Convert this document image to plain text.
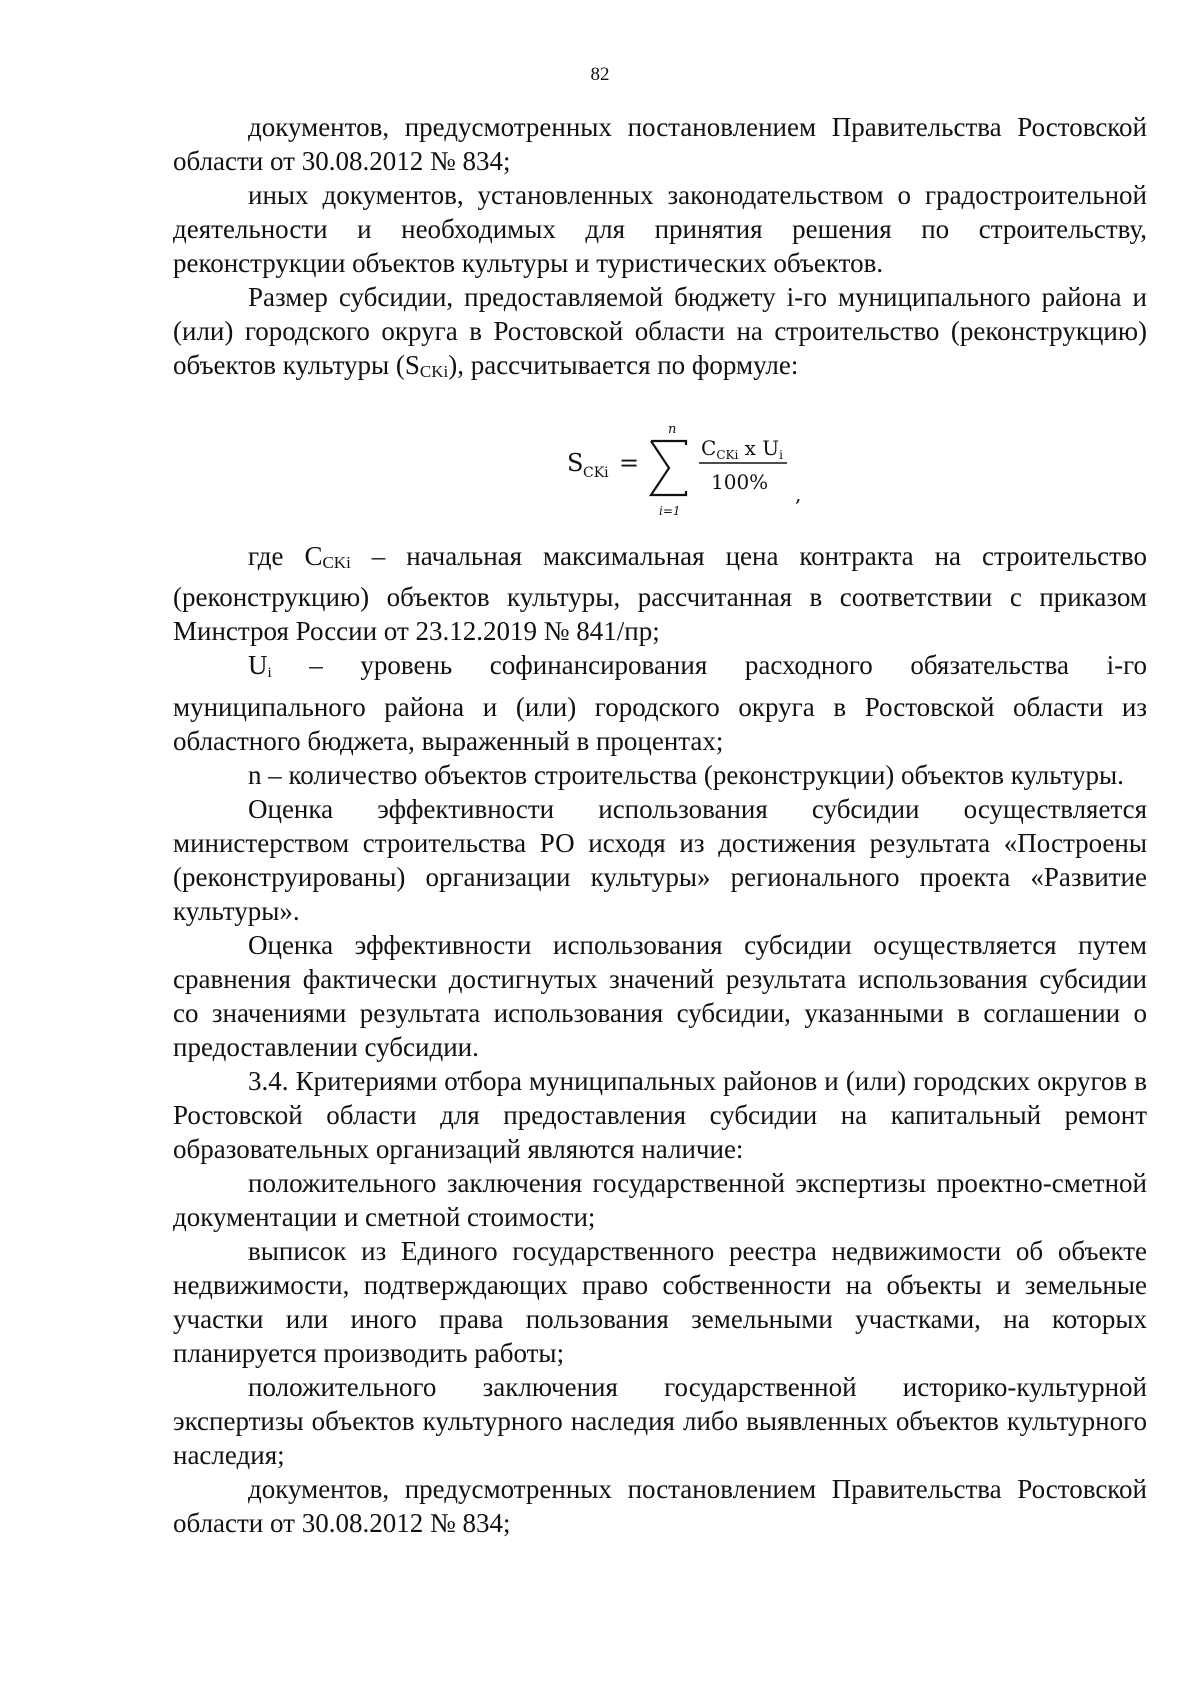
82

документов, предусмотренных постановлением Правительства Ростовской области от 30.08.2012 № 834;

иных документов, установленных законодательством о градостроительной деятельности и необходимых для принятия решения по строительству, реконструкции объектов культуры и туристических объектов.

Размер субсидии, предоставляемой бюджету i-го муниципального района и (или) городского округа в Ростовской области на строительство (реконструкцию) объектов культуры (SCKi), рассчитывается по формуле:

S CKi =
n
i=1
$C_{CKi}$ x $U_i$
100% ,

где CCKi – начальная максимальная цена контракта на строительство (реконструкцию) объектов культуры, рассчитанная в соответствии с приказом Минстроя России от 23.12.2019 № 841/пр;

Ui – уровень софинансирования расходного обязательства i-го муниципального района и (или) городского округа в Ростовской области из областного бюджета, выраженный в процентах;

n – количество объектов строительства (реконструкции) объектов культуры.

Оценка эффективности использования субсидии осуществляется министерством строительства РО исходя из достижения результата «Построены (реконструированы) организации культуры» регионального проекта «Развитие культуры».

Оценка эффективности использования субсидии осуществляется путем сравнения фактически достигнутых значений результата использования субсидии со значениями результата использования субсидии, указанными в соглашении о предоставлении субсидии.

3.4. Критериями отбора муниципальных районов и (или) городских округов в Ростовской области для предоставления субсидии на капитальный ремонт образовательных организаций являются наличие:

положительного заключения государственной экспертизы проектно-сметной документации и сметной стоимости;

выписок из Единого государственного реестра недвижимости об объекте недвижимости, подтверждающих право собственности на объекты и земельные участки или иного права пользования земельными участками, на которых планируется производить работы;

положительного заключения государственной историко-культурной экспертизы объектов культурного наследия либо выявленных объектов культурного наследия;

документов, предусмотренных постановлением Правительства Ростовской области от 30.08.2012 № 834;
